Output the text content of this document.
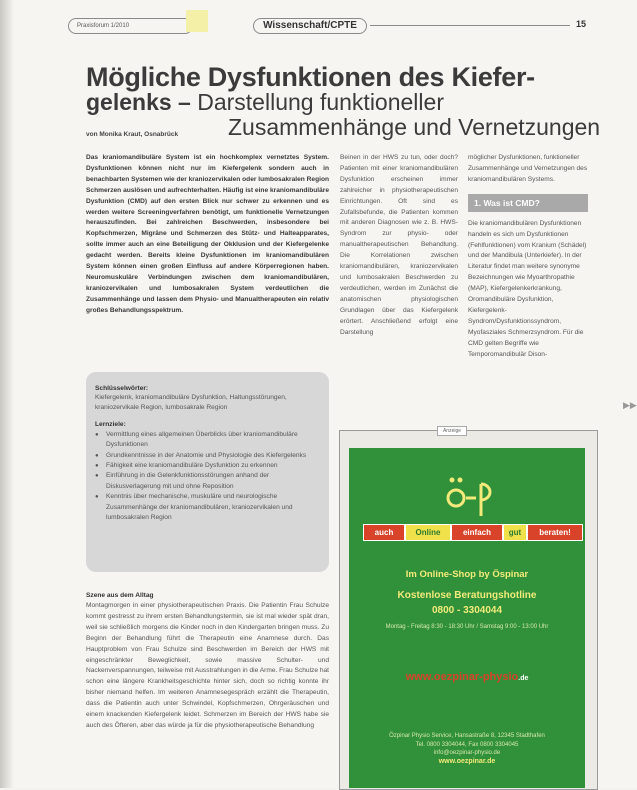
Praxisforum 1/2010	Wissenschaft/CPTE	15
Mögliche Dysfunktionen des Kiefer-
gelenks – Darstellung funktioneller
Zusammenhänge und Vernetzungen
von Monika Kraut, Osnabrück

Das kraniomandibuläre System ist ein hochkomplex vernetztes System. Dysfunktionen können nicht nur im Kiefergelenk sondern auch in benachbarten Systemen wie der kraniozervikalen oder lumbosakralen Region Schmerzen auslösen und aufrechterhalten. Häufig ist eine kraniomandibuläre Dysfunktion (CMD) auf den ersten Blick nur schwer zu erkennen und es werden weitere Screeningverfahren benötigt, um funktionelle Vernetzungen herauszufinden. Bei zahlreichen Beschwerden, insbesondere bei Kopfschmerzen, Migräne und Schmerzen des Stütz- und Halteapparates, sollte immer auch an eine Beteiligung der Okklusion und der Kiefergelenke gedacht werden. Bereits kleine Dysfunktionen im kraniomandibulären System können einen großen Einfluss auf andere Körperregionen haben. Neuromuskuläre Verbindungen zwischen dem kraniomandibulären, kraniozervikalen und lumbosakralen System verdeutlichen die Zusammenhänge und lassen dem Physio- und Manualtherapeuten ein relativ großes Behandlungsspektrum.

Schlüsselwörter:
Kiefergelenk, kraniomandibuläre Dysfunktion, Haltungsstörungen, kraniozervikale Region, lumbosakrale Region
Lernziele:
● Vermittlung eines allgemeinen Überblicks über kraniomandibuläre Dysfunktionen
● Grundkenntnisse in der Anatomie und Physiologie des Kiefergelenks
● Fähigkeit eine kraniomandibuläre Dysfunktion zu erkennen
● Einführung in die Gelenkfunktionsstörungen anhand der Diskusverlagerung mit und ohne Reposition
● Kenntnis über mechanische, muskuläre und neurologische Zusammenhänge der kraniomandibulären, kraniozervikalen und lumbosakralen Region

Szene aus dem Alltag

Montagmorgen in einer physiotherapeutischen Praxis. Die Patientin Frau Schulze kommt gestresst zu ihrem ersten Behandlungstermin, sie ist mal wieder spät dran, weil sie schließlich morgens die Kinder noch in den Kindergarten bringen muss. Zu Beginn der Behandlung führt die Therapeutin eine Anamnese durch. Das Hauptproblem von Frau Schulze sind Beschwerden im Bereich der HWS mit eingeschränkter Beweglichkeit, sowie massive Schulter- und Nackenverspannungen, teilweise mit Ausstrahlungen in die Arme. Frau Schulze hat schon eine längere Krankheitsgeschichte hinter sich, doch so richtig konnte ihr bisher niemand helfen. Im weiteren Anamnesegespräch erzählt die Therapeutin, dass die Patientin auch unter Schwindel, Kopfschmerzen, Ohrgeräuschen und einem knackenden Kiefergelenk leidet. Schmerzen im Bereich der HWS habe sie auch des Öfteren, aber das würde ja für die physiotherapeutische Behandlung

Beinen in der HWS zu tun, oder doch? Patienten mit einer kraniomandibulären Dysfunktion erscheinen immer zahlreicher in physiotherapeutischen Einrichtungen. Oft sind es Zufallsbefunde, die Patienten kommen mit anderen Diagnosen wie z. B. HWS-Syndrom zur physio- oder manualtherapeutischen Behandlung. Die Korrelationen zwischen kraniomandibulären, kraniozervikalen und lumbosakralen Beschwerden zu verdeutlichen, werden im Zunächst die anatomischen physiologischen Grundlagen über das Kiefergelenk erörtert. Anschließend erfolgt eine Darstellung

möglicher Dysfunktionen, funktioneller Zusammenhänge und Vernetzungen des kraniomandibulären Systems.

1. Was ist CMD?

Die kraniomandibulären Dysfunktionen handeln es sich um Dysfunktionen (Fehlfunktionen) vom Kranium (Schädel) und der Mandibula (Unterkiefer). In der Literatur findet man weitere synonyme Bezeichnungen wie Myoarthropathie (MAP), Kiefergelenkerkrankung, Oromandibuläre Dysfunktion, Kiefergelenk-Syndrom/Dysfunktionssyndrom, Myofasziales Schmerzsyndrom. Für die CMD gelten Begriffe wie Temporomandibulär Dison-

▶▶
Anzeige
auch	Online	einfach	gut	beraten!
Im Online-Shop by Öspinar
Kostenlose Beratungshotline
0800 - 3304044
Montag - Freitag 8:30 - 18:30 Uhr / Samstag 9:00 - 13:00 Uhr
www.oezpinar-physio.de
Özpinar Physio Service, Hansastraße 8, 12345 Stadthafen
Tel. 0800 3304044, Fax 0800 3304045
info@oezpinar-physio.de
www.oezpinar.de
